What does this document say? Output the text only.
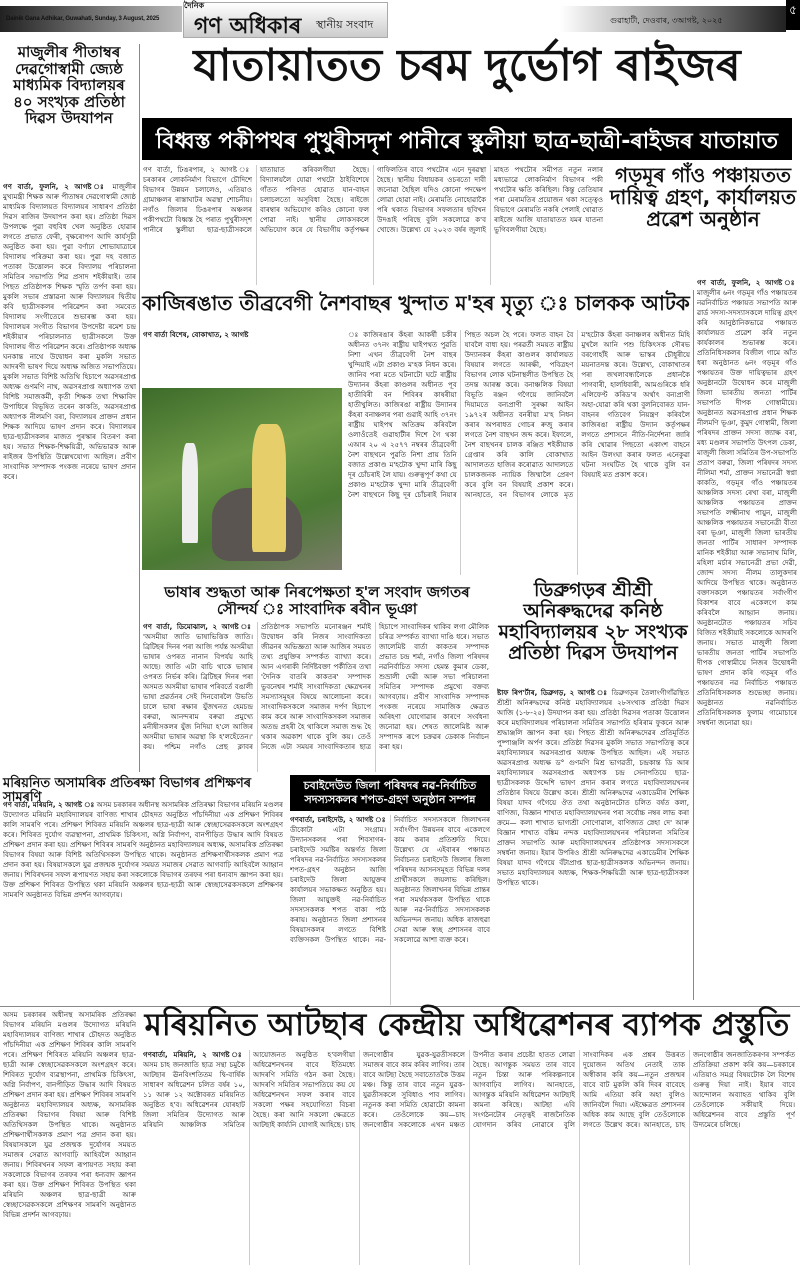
Dainik Gana Adhikar, Guwahati, Sunday, 3 August, 2025
দৈনিক
গণ অধিকাৰ স্থানীয় সংবাদ	গুৱাহাটী, দেওবাৰ, ৩আগষ্ট, ২০২৫
৫
মাজুলীৰ পীতাম্বৰ দেৱগোস্বামী জ্যেষ্ঠ মাধ্যমিক বিদ্যালয়ৰ ৪০ সংখ্যক প্ৰতিষ্ঠা দিৱস উদযাপন
গণ বাৰ্তা, ফুলনি, ২ আগষ্ট ঃ মাজুলীৰ মুখ্যমন্ত্ৰী শিক্ষক আৰু পীতাম্বৰ দেৱগোস্বামী জ্যেষ্ঠ মাধ্যমিক বিদ্যালয়ত বিদ্যালয়ৰ সাধাৰণ প্ৰতিষ্ঠা দিৱস ৰাজিৰ উদযাপন কৰা হয়। প্ৰতিষ্ঠা দিৱস উপলক্ষে পুৱা বহুবিধ খেল অনুষ্ঠিত হোৱাৰ লগতে প্ৰভাত ফেৰী, বৃক্ষৰোপণ আদি কাৰ্যসূচী অনুষ্ঠিত কৰা হয়। পুৱা বৰ্ণাঢ্য শোভাযাত্ৰাৰে বিদ্যালয় পৰিক্ৰমা কৰা হয়। পুৱা দহ বজাত পতাকা উত্তোলন কৰে বিদ্যালয় পৰিচালনা সমিতিৰ সভাপতি শিৱ প্ৰসাদ শইকীয়াই। তাৰ পিছত প্ৰতিষ্ঠাপক শিক্ষক স্মৃতি তৰ্পণ কৰা হয়। মুকলি সভাৰ প্ৰস্তাৱনা আৰু বিদ্যালয়ৰ দ্বিতীয় কবি ছাত্ৰীসকলৰ পৰিৱেশন কৰা সমবেত বিদ্যালয় সংগীতেৰে শুভাৰম্ভ কৰা হয়। বিদ্যালয়ৰ সংগীত বিভাগৰ উপদেষ্টা ৰমেশ চন্দ্ৰ শইকীয়াৰ পৰিচালনাত ছাত্ৰীসকলে উক্ত বিদ্যালয় গীত পৰিৱেশন কৰে। প্ৰতিষ্ঠাপক অধ্যক্ষ ঘনকান্ত নাথে উদ্বোধন কৰা মুকলি সভাত আদৰণী ভাষণ দিয়ে অধ্যক্ষ অজিত সভাপতিয়ে। মুকলি সভাত বিশিষ্ট অতিথি হিচাপে অৱসৰপ্ৰাপ্ত অধ্যক্ষ গুণমণি নাথ, অৱসৰপ্ৰাপ্ত অধ্যাপক তথা বিশিষ্ট সমাজকৰ্মী, কৃতী শিক্ষক তথা শিক্ষাবিদ উপাধিৰে বিভূষিত তৰেন কাকতি, অৱসৰপ্ৰাপ্ত অধ্যাপক নীলমণি বৰা, বিদ্যালয়ৰ প্ৰাক্তন প্ৰধান শিক্ষক আদিয়ে ভাষণ প্ৰদান কৰে। বিদ্যালয়ৰ ছাত্ৰ-ছাত্ৰীসকলৰ মাজত পুৰস্কাৰ বিতৰণ কৰা হয়। সভাত শিক্ষক-শিক্ষয়িত্ৰী, অভিভাৱক আৰু ৰাইজৰ উপস্থিতি উল্লেখযোগ্য আছিল। প্ৰবীণ সাংবাদিক সম্পাদক পংকজ নৰেয়ে ভাষণ প্ৰদান কৰে।
যাতায়াতত চৰম দুৰ্ভোগ ৰাইজৰ
বিধ্বস্ত পকীপথৰ পুখুৰীসদৃশ পানীৰে স্কুলীয়া ছাত্ৰ-ছাত্ৰী-ৰাইজৰ যাতায়াত
গণ বাৰ্তা, ঢিঙৰপাৰ, ২ আগষ্ট ঃ চৰকাৰৰ লোকনিৰ্মাণ বিভাগে চৌদিশে বিভাগৰ উন্নয়ন চলালেও, এতিয়াও গ্ৰামাঞ্চলৰ ৰাস্তাঘাটৰ অৱস্থা শোচনীয়। নগাঁও জিলাৰ ঢিঙৰপাৰ অঞ্চলৰ পকীপথটো বিধ্বস্ত হৈ পৰাত পুখুৰীসদৃশ পানীৰে স্কুলীয়া ছাত্ৰ-ছাত্ৰীসকলে যাতায়াত কৰিবলগীয়া হৈছে। বিদ্যালয়লৈ যোৱা পথটো ঠাইবিশেষে গাঁতত পৰিণত হোৱাত যান-বাহন চলাচলতো অসুবিধা হৈছে। ৰাইজে বাৰম্বাৰ অভিযোগ কৰিও কোনো ফল পোৱা নাই। স্থানীয় লোকসকলে অভিযোগ কৰে যে বিভাগীয় কৰ্তৃপক্ষৰ গাফিলতিৰ বাবে পথটোৰ এনে দুৰৱস্থা হৈছে। স্থানীয় বিধায়কৰ ওচৰতো দাবী জনোৱা হৈছিল যদিও কোনো পদক্ষেপ লোৱা হোৱা নাই। মেৰামতি নোহোৱাকৈ পৰি থকাত বিভাগৰ সফলতাৰ ছবিখন উদঙাই পৰিছে বুলি সকলোৱে ক'ব খোজে। উল্লেখ্য যে ২০২৩ বৰ্ষৰ জুলাই মাহত পথটোৰ সমীপত নতুন নলাৰ মধ্যভাৱে লোকনিৰ্মাণ বিভাগৰ পকী পথটোৰ ক্ষতি কৰিছিল। কিন্তু তেতিয়াৰ পৰা মেৰামতিৰ প্ৰয়োজন থকা সত্ত্বেও বিভাগে মেৰামতি নকৰি পেলাই থোৱাত ৰাইজে আজি যাতায়াতত যমৰ যাতনা ভুগিবলগীয়া হৈছে।
গড়মূৰ গাঁও পঞ্চায়তত দায়িত্ব গ্ৰহণ, কাৰ্যালয়ত প্ৰৱেশ অনুষ্ঠান
গণ বাৰ্তা, ফুলনি, ২ আগষ্ট ঃ মাজুলীৰ ৬নং গড়মূৰ গাঁও পঞ্চায়তৰ নৱনিৰ্বাচিত পঞ্চায়ত সভাপতি আৰু ৱাৰ্ড সদস্য-সদস্যাসকলে দায়িত্ব গ্ৰহণ কৰি আনুষ্ঠানিকভাৱে পঞ্চায়ত কাৰ্যালয়ত প্ৰৱেশ কৰি নতুন কাৰ্যকালৰ শুভাৰম্ভ কৰে। প্ৰতিনিধিসকলৰ বিজীল গামে আঁত ধৰা অনুষ্ঠানত ৬নং গড়মূৰ গাঁও পঞ্চায়তৰ উক্ত দায়িত্বভাৰ গ্ৰহণ অনুষ্ঠানটো উদ্বোধন কৰে মাজুলী জিলা ভাৰতীয় জনতা পাৰ্টিৰ সভাপতি দীপক গোস্বামীয়ে। অনুষ্ঠানত অৱসৰপ্ৰাপ্ত প্ৰধান শিক্ষক নীলমণি ভূঞা, কুমুদ গোস্বামী, জিলা পৰিষদৰ প্ৰাক্তন সদস্য জ্যাক্ষ বৰা, মধ্য মণ্ডলৰ সভাপতি উৎপল ডেকা, মাজুলী জিলা সমিতিৰ উপ-সভাপতি প্ৰতাপ বৰুৱা, জিলা পৰিষদৰ সদস্য নীলিমা শৰ্মা, প্ৰাক্তন সভানেত্ৰী স্বপ্না কাকতি, গড়মূৰ গাঁও পঞ্চায়তৰ আঞ্চলিক সদস্য ৰেখা বৰা, মাজুলী আঞ্চলিক পঞ্চায়তৰ প্ৰাক্তন সভাপতি লক্ষ্মীনাথ পায়ুন, মাজুলী আঞ্চলিক পঞ্চায়তৰ সভানেত্ৰী বীতা বৰা ভূঞা, মাজুলী জিলা ভাৰতীয় জনতা পাৰ্টিৰ সাধাৰণ সম্পাদক মানিক শইকীয়া আৰু সভানাথ মিলি, মহিলা মৰ্চাৰ সভানেত্ৰী প্ৰভা দেৱী, জোন্দ সদস্য নীলম তালুকদাৰ আদিয়ে উপস্থিত থাকে। অনুষ্ঠানত বক্তাসকলে পঞ্চায়তৰ সৰ্বাংগীণ বিকাশৰ বাবে একেলগে কাম কৰিবলৈ আহ্বান জনায়। অনুষ্ঠানটোত পঞ্চায়তৰ সচিব বিজিত শইকীয়াই সকলোকে আদৰণি জনায়। সভাত মাজুলী জিলা ভাৰতীয় জনতা পাৰ্টিৰ সভাপতি দীপক গোস্বামীয়ে নিজৰ উদ্বোধনী ভাষণ প্ৰদান কৰি গড়মূৰ গাঁও পঞ্চায়তৰ নৱ নিৰ্বাচিত পঞ্চায়ত প্ৰতিনিধিসকলক শুভেচ্ছা জনায়। অনুষ্ঠানত নৱনিৰ্বাচিত প্ৰতিনিধিসকলক ফুলাম গামোচাৰে সম্বৰ্ধনা জনোৱা হয়।
কাজিৰঙাত তীব্ৰবেগী নৈশবাছৰ খুন্দাত ম'হৰ মৃত্যু ঃ চালকক আটক
গণ বাৰ্তা বিশেষ, বোকাখাত, ২ আগষ্ট	ঃ কাজিৰঙাৰ কঁহৰা আকৰ্ষী চকীৰ অধীনত ৩৭নং ৰাষ্ট্ৰীয় ঘাইপথত পুৱতি নিশা এখন তীব্ৰবেগী নৈশ বাছৰ খুন্দিয়াই এটা প্ৰকাণ্ড ম'হক নিধন কৰে। জানিব পৰা মতে ঘটনাটো ঘটে ৰাষ্ট্ৰীয় উদ্যানৰ কঁহৰা কাণ্ডলৰ অধীনত পূব হাতীবিৰী বন শিবিৰৰ কাষৰীয়া হাতীখুলিত। কাজিৰঙা ৰাষ্ট্ৰীয় উদ্যানৰ কঁহৰা বনাঞ্চলৰ পৰা গুৱাই আহি ৩৭নং ৰাষ্ট্ৰীয় ঘাইপথ অতিক্ৰম কৰিবলৈ ওলাওঁতেই গুৱাহাটীৰ দিশে গৈ থকা এআৰ ২০ এ ২৫৭৭ নম্বৰৰ তীব্ৰবেগী নৈশ বাছখনে পুৱতি নিশা প্ৰায় তিনি বজাত প্ৰকাণ্ড ম'হটোক খুন্দা মাৰি কিছু দূৰ চোঁচৰাই লৈ যায়। গুৰুত্বপূৰ্ণ কথা যে প্ৰকাণ্ড ম'হটোক খুন্দা মাৰি তীব্ৰবেগী নৈশ বাছখনে কিছু দূৰ চোঁচৰাই নিয়াৰ পিছত অচল হৈ পৰে। ফলত বাহন বৈ যাবলৈ বাধ্য হয়। পৰৱৰ্তী সময়ত ৰাষ্ট্ৰীয় উদ্যানকৰ কঁহৰা কাণ্ডলৰ কাৰ্যালয়ত বিষয়াৰ লগতে আৰক্ষী, পবিত্ৰহণ বিভাগৰ লোক ঘটনাস্থলীত উপস্থিত হৈ তদন্ত আৰম্ভ কৰে। বনাঞ্চলিক বিষয়া বিভূতি ৰঞ্জন গগৈয়ে জানিবলৈ দিয়ামতে বন্যপ্ৰাণী সুৰক্ষা আইন ১৯৭২ৰ অধীনত বনৰীয়া ম'হ নিধন কৰাৰ অপৰাধত গোচৰ ৰুজু কৰাৰ লগতে নৈশ বাছখন জব্দ কৰে। ইফালে, নৈশ বাছখনৰ চালক ৰঞ্জিত শইকীয়াক গ্ৰেপ্তাৰ কৰি কালি বোকাখাত আদালতত হাজিৰ কৰোৱাত আদালতে চালকজনক ন্যায়িক জিম্মালৈ প্ৰেৰণ কৰে বুলি বন বিষয়াই প্ৰকাশ কৰে। আনহাতে, বন বিভাগৰ লোকে মৃত ম'হটোক কঁহৰা বনাঞ্চলৰ অধীনত মিহি মুখলৈ আনি পশু চিকিৎসক সৌৰভ বৰগোহাঁই আৰু ভাস্কৰ চৌধুৰীয়ে ময়নাতদন্ত কৰে। উল্লেখ্য, বোকাখাতৰ পৰা জখলাবন্ধালৈকে প্ৰধানকৈ পাগবাৰী, হালধিবাৰী, আমগুৰিকে ধৰি এলিফেণ্ট কৰিড'ৰ অৰ্থাৎ বন্যপ্ৰাণী অহা-যোৱা কৰি থকা বুলনিবোৰত যান-বাহনৰ গতিবেগ নিয়ন্ত্ৰণ কৰিবলৈ কাজিৰঙা ৰাষ্ট্ৰীয় উদ্যান কৰ্তৃপক্ষৰ লগতে প্ৰশাসনে নীতি-নিৰ্দেশনা জাৰি কৰি থোৱাৰ পিছতো একাংশ বাহনে আইন উলংঘা কৰাৰ ফলত এনেকুৱা ঘটনা সংঘটিত হৈ থাকে বুলি বন বিষয়াই মত প্ৰকাশ কৰে।
ভাষাৰ শুদ্ধতা আৰু নিৰপেক্ষতা হ'ল সংবাদ জগতৰ সৌন্দৰ্য ঃ সাংবাদিক ৰবীন ভূঞা
গণ বাৰ্তা, ডিমোঝাল, ২ আগষ্ট ঃ 'অসমীয়া জাতি ভাষাভিত্তিক জাতি। ব্ৰিটিছৰ দিনৰ পৰা আজি পৰ্যন্ত অসমীয়া ভাষাৰ ওপৰত নানান বিপৰ্যয় আহি আছে। জাতি এটা বাচি থাকে ভাষাৰ ওপৰত নিৰ্ভৰ কৰি। ব্ৰিটিছৰ দিনৰ পৰা অসমত অসমীয়া ভাষাৰ পৰিবৰ্তে বঙালী ভাষা প্ৰৱৰ্তনৰ সেই দিনবোৰলৈ উভতি চালে ভাষা ৰক্ষাৰ যুঁজখনত হেমচন্দ্ৰ বৰুৱা, আনন্দৰাম বৰুৱা প্ৰমুখ্যে মনীষীসকলৰ যুঁজ নিদিয়া হ'লে আজিৰ অসমীয়া ভাষাৰ অৱস্থা কি হ'লহেঁতেন।' কয়। পশ্চিম নগাঁও প্ৰেছ ক্লাবৰ প্ৰতিষ্ঠাপক সভাপতি মনোৰঞ্জন শৰ্মাই উদ্বোধন কৰি নিজৰ সাংবাদিকতা জীৱনৰ অভিজ্ঞতা আৰু আজিৰ সময়ত তথ্য প্ৰযুক্তিৰ সম্পৰ্কত ব্যাখ্যা কৰে। আন এগৰাকী নিৰ্দিষ্টবক্তা পৰ্কীতিৰ তথা 'দৈনিক বাতৰি কাকতৰ' সম্পাদক ভুবনেশ্বৰ শৰ্মাই সাংবাদিকতা ক্ষেত্ৰখনৰ সমস্যাসমূহৰ বিষয়ে আলোচনা কৰে। সাংবাদিকসকলে সমাজৰ দৰ্পণ হিচাপে কাম কৰে আৰু সাংবাদিকসকল সমাজৰ অতন্দ্ৰ প্ৰহৰী হৈ থাকিলে সমাজ শুদ্ধ হৈ থকাৰ অৱকাশ থাকে বুলি কয়। তেওঁ নিজে এটা সময়ৰ সাংবাদিকতাৰ ছাত্ৰ হিচাপে সাংবাদিকৰ থাকিব লগা মৌলিক চৰিত্ৰ সম্পৰ্কত ব্যাখ্যা দাঙি ধৰে। সভাত জালেমিষ্ট বাৰ্তা কাকতৰ সম্পাদক প্ৰভাত চন্দ্ৰ শৰ্মা, নগাঁও জিলা পৰিষদৰ নৱনিৰ্বাচিত সদস্য হেমন্ত কুমাৰ ডেকা, শুভ্ৰালী দেৱী আৰু সভা পৰিচালনা সমিতিৰ সম্পাদক প্ৰমুখ্যে বক্তব্য আগবঢ়ায়। প্ৰবীণ সাংবাদিক সম্পাদক পংকজ নৰেয়ে সামাজিক ক্ষেত্ৰত অৰিহণা যোগোৱাৰ কাৰণে সংৰ্বধনা জনোৱা হয়। শেষত জালেমিষ্ট আৰু সম্পাদক ৰূপে চক্ৰৱৰ ডেকাক নিৰ্বাচন কৰা হয়।
ডিব্ৰুগড়ৰ শ্ৰীশ্ৰী অনিৰুদ্ধদেৱ কনিষ্ঠ মহাবিদ্যালয়ৰ ২৮ সংখ্যক প্ৰতিষ্ঠা দিৱস উদযাপন
ষ্টাফ ৰিপ'ৰ্টাৰ, ডিব্ৰুগড়, ২ আগষ্ট ঃ ডিব্ৰুগড়ৰ তৈলাংগীগাঁৱস্থিত শ্ৰীশ্ৰী অনিৰুদ্ধদেৱ কনিষ্ঠ মহাবিদ্যালয়ৰ ২৮সংখ্যক প্ৰতিষ্ঠা দিৱস আজি (১-৮-২৫) উদযাপন কৰা হয়। প্ৰতিষ্ঠা দিৱসৰ পতাকা উত্তোলন কৰে মহাবিদ্যালয়ৰ পৰিচালনা সমিতিৰ সভাপতি হৰিৰাম ফুকনে আৰু শ্ৰদ্ধাঞ্জলি জ্ঞাপন কৰা হয়। পিছত শ্ৰীশ্ৰী অনিৰুদ্ধদেৱৰ প্ৰতিমূৰ্তিত পুষ্পাঞ্জলি অৰ্পণ কৰে। প্ৰতিষ্ঠা দিৱসৰ মুকলি সভাত সভাপতিত্ব কৰে মহাবিদ্যালয়ৰ অৱসৰপ্ৰাপ্ত অধ্যক্ষ উপস্থিত আছিল। এই সভাত অৱসৰপ্ৰাপ্ত অধ্যক্ষ ড° গুণমণি মিশ্ৰ ভাগৱতী, চন্দ্ৰকান্ত ডি আৰ মহাবিদ্যালয়ৰ অৱসৰপ্ৰাপ্ত অধ্যাপক চন্দ্ৰ সেনাপতিয়ে ছাত্ৰ-ছাত্ৰীসকলক উদ্দেশি ভাষণ প্ৰদান কৰাৰ লগতে মহাবিদ্যালয়খনৰ প্ৰতিষ্ঠাৰ বিষয়ে উল্লেখ কৰে। শ্ৰীশ্ৰী অনিৰুদ্ধদেৱ একাডেমীৰ শৈক্ষিক বিষয়া যাদব গগৈয়ে ঔত তথা অনুষ্ঠানটোত চলিত বৰ্ষত কলা, বাণিজ্য, বিজ্ঞান শাখাত মহাবিদ্যালয়খনৰ পৰা সৰ্বোচ্চ নম্বৰ লাভ কৰা ক্ৰমে— কলা শাখাত ভাগ্যশ্ৰী সোণোৱাল, বাণিজ্যত স্নেহা দে' আৰু বিজ্ঞান শাখাত বঙ্কিম নন্দক মহাবিদ্যালয়খনৰ পৰিচালনা সমিতিৰ প্ৰাক্তন সভাপতি আৰু মহাবিদ্যালয়খনৰ প্ৰতিষ্ঠাপক সদস্যসকলে সম্বৰ্ধনা জনায়। ইয়াৰ উপৰিও শ্ৰীশ্ৰী অনিৰুদ্ধদেৱ একাডেমীৰ শৈক্ষিক বিষয়া যাদব গগৈয়ে বঁটাপ্ৰাপ্ত ছাত্ৰ-ছাত্ৰীসকলক অভিনন্দন জনায়। সভাত মহাবিদ্যালয়ৰ অধ্যক্ষ, শিক্ষক-শিক্ষয়িত্ৰী আৰু ছাত্ৰ-ছাত্ৰীসকল উপস্থিত থাকে।
মৰিয়নিত অসামৰিক প্ৰতিৰক্ষা বিভাগৰ প্ৰশিক্ষণৰ সামৰণি
গণ বাৰ্তা, মৰিয়নি, ২ আগষ্ট ঃ অসম চৰকাৰৰ অধীনস্থ অসামৰিক প্ৰতিৰক্ষা বিভাগৰ মৰিয়নি মণ্ডলৰ উদ্যোগত মৰিয়নি মহাবিদ্যালয়ৰ বাণিজ্য শাখাৰ চৌহদত অনুষ্ঠিত পাঁচদিনীয়া এক প্ৰশিক্ষণ শিবিৰৰ কালি সামৰণি পৰে। প্ৰশিক্ষণ শিবিৰত মৰিয়নি অঞ্চলৰ ছাত্ৰ-ছাত্ৰী আৰু স্বেচ্ছাসেৱকসকলে অংশগ্ৰহণ কৰে। শিবিৰত দুৰ্যোগ ব্যৱস্থাপনা, প্ৰাথমিক চিকিৎসা, অগ্নি নিৰ্বাপণ, বানপীড়িত উদ্ধাৰ আদি বিষয়ত প্ৰশিক্ষণ প্ৰদান কৰা হয়। প্ৰশিক্ষণ শিবিৰৰ সামৰণি অনুষ্ঠানত মহাবিদ্যালয়ৰ অধ্যক্ষ, অসামৰিক প্ৰতিৰক্ষা বিভাগৰ বিষয়া আৰু বিশিষ্ট অতিথিসকল উপস্থিত থাকে। অনুষ্ঠানত প্ৰশিক্ষণাৰ্থীসকলক প্ৰমাণ পত্ৰ প্ৰদান কৰা হয়। বিষয়াসকলে যুৱ প্ৰজন্মক দুৰ্যোগৰ সময়ত সমাজৰ সেৱাত আগবাঢ়ি আহিবলৈ আহ্বান জনায়। শিবিৰখনৰ সফল ৰূপায়ণত সহায় কৰা সকলোকে বিভাগৰ তৰফৰ পৰা ধন্যবাদ জ্ঞাপন কৰা হয়। উক্ত প্ৰশিক্ষণ শিবিৰত উপস্থিত থকা মৰিয়নি অঞ্চলৰ ছাত্ৰ-ছাত্ৰী আৰু স্বেচ্ছাসেৱকসকলে প্ৰশিক্ষণৰ সামৰণি অনুষ্ঠানত বিভিন্ন প্ৰদৰ্শন আগবঢ়ায়।
চবাইদেউত জিলা পৰিষদৰ নৱ-নিৰ্বাচিত সদস্যসকলৰ শপত-গ্ৰহণ অনুষ্ঠান সম্পন্ন
গণবাৰ্তা, চৰাইদেউ, ২ আগষ্ট ঃ ডীকোটা এটা সংগ্ৰাম। উদ্যানসকলৰ পৰা শিবসাগৰ-চৰাইদেউ সমষ্টিৰ অন্তৰ্গত জিলা পৰিষদৰ নৱ-নিৰ্বাচিত সদস্যসকলৰ শপত-গ্ৰহণ অনুষ্ঠান আজি চৰাইদেউ জিলা আয়ুক্তৰ কাৰ্যালয়ৰ সভাকক্ষত অনুষ্ঠিত হয়। জিলা আয়ুক্তই নৱ-নিৰ্বাচিত সদস্যসকলক শপত বাক্য পাঠ কৰায়। অনুষ্ঠানত জিলা প্ৰশাসনৰ বিষয়াসকলৰ লগতে বিশিষ্ট ব্যক্তিসকল উপস্থিত থাকে। নৱ-নিৰ্বাচিত সদস্যসকলে জিলাখনৰ সৰ্বাংগীণ উন্নয়নৰ বাবে একেলগে কাম কৰাৰ প্ৰতিশ্ৰুতি দিয়ে। উল্লেখ্য যে এইবাৰৰ পঞ্চায়ত নিৰ্বাচনত চৰাইদেউ জিলাৰ জিলা পৰিষদৰ আসনসমূহত বিভিন্ন দলৰ প্ৰাৰ্থীসকলে জয়লাভ কৰিছিল। অনুষ্ঠানত জিলাখনৰ বিভিন্ন প্ৰান্তৰ পৰা সমৰ্থকসকল উপস্থিত থাকে আৰু নৱ-নিৰ্বাচিত সদস্যসকলক অভিনন্দন জনায়। অধিক ৰাজহুৱা সেৱা আৰু স্বচ্ছ প্ৰশাসনৰ বাবে সকলোৱে আশা ব্যক্ত কৰে।
মৰিয়নিত আটছাৰ কেন্দ্ৰীয় অধিৱেশনৰ ব্যাপক প্ৰস্তুতি
অসম চৰকাৰৰ অধীনস্থ অসামৰিক প্ৰতিৰক্ষা বিভাগৰ মৰিয়নি মণ্ডলৰ উদ্যোগত মৰিয়নি মহাবিদ্যালয়ৰ বাণিজ্য শাখাৰ চৌহদত অনুষ্ঠিত পাঁচদিনীয়া এক প্ৰশিক্ষণ শিবিৰৰ কালি সামৰণি পৰে। প্ৰশিক্ষণ শিবিৰত মৰিয়নি অঞ্চলৰ ছাত্ৰ-ছাত্ৰী আৰু স্বেচ্ছাসেৱকসকলে অংশগ্ৰহণ কৰে। শিবিৰত দুৰ্যোগ ব্যৱস্থাপনা, প্ৰাথমিক চিকিৎসা, অগ্নি নিৰ্বাপণ, বানপীড়িত উদ্ধাৰ আদি বিষয়ত প্ৰশিক্ষণ প্ৰদান কৰা হয়। প্ৰশিক্ষণ শিবিৰৰ সামৰণি অনুষ্ঠানত মহাবিদ্যালয়ৰ অধ্যক্ষ, অসামৰিক প্ৰতিৰক্ষা বিভাগৰ বিষয়া আৰু বিশিষ্ট অতিথিসকল উপস্থিত থাকে। অনুষ্ঠানত প্ৰশিক্ষণাৰ্থীসকলক প্ৰমাণ পত্ৰ প্ৰদান কৰা হয়। বিষয়াসকলে যুৱ প্ৰজন্মক দুৰ্যোগৰ সময়ত সমাজৰ সেৱাত আগবাঢ়ি আহিবলৈ আহ্বান জনায়। শিবিৰখনৰ সফল ৰূপায়ণত সহায় কৰা সকলোকে বিভাগৰ তৰফৰ পৰা ধন্যবাদ জ্ঞাপন কৰা হয়। উক্ত প্ৰশিক্ষণ শিবিৰত উপস্থিত থকা মৰিয়নি অঞ্চলৰ ছাত্ৰ-ছাত্ৰী আৰু স্বেচ্ছাসেৱকসকলে প্ৰশিক্ষণৰ সামৰণি অনুষ্ঠানত বিভিন্ন প্ৰদৰ্শন আগবঢ়ায়।
গণবাৰ্তা, মৰিয়নি, ২ আগষ্ট ঃ অসম চাহ জনজাতি ছাত্ৰ সন্থা চমুকৈ আটছাৰ ঊনবিংশতিতম দ্বি-বাৰ্ষিক সাধাৰণ অধিৱেশন চলিত বৰ্ষৰ ১০, ১১ আৰু ১২ অক্টোবৰত মৰিয়নিত অনুষ্ঠিত হ'ব। অধিৱেশনৰ যোৰহাট জিলা সমিতিৰ উদ্যোগত আৰু মৰিয়নি আঞ্চলিক সমিতিৰ আয়োজনত অনুষ্ঠিত হ'বলগীয়া অধিৱেশনখনৰ বাবে ইতিমধ্যে আদৰণি সমিতি গঠন কৰা হৈছে। আদৰণি সমিতিৰ সভাপতিয়ে কয় যে অধিৱেশনখন সফল কৰাৰ বাবে সকলো পক্ষৰ সহযোগিতা বিচৰা হৈছে। কৰা আনি সকলো ক্ষেত্ৰতে আটছাই কাৰ্য্যনি যোগাই আহিছে। চাহ জনগোষ্ঠীৰ যুৱক-যুৱতীসকলে সমাজৰ বাবে কাম কৰিব লাগিব। তাৰ বাবে আটছা হৈছে সবাতোতকৈ উত্তম মঞ্চ। কিন্তু তাৰ বাবে নতুন যুৱক-যুৱতীসকলে সুবিধাও পাব লাগিব। নতুনক কৰা সমিতি হোৱাটো কামনা কৰে। তেওঁলোকে কয়—চাহ জনগোষ্ঠীৰ সকলোকে এখন মঞ্চত উপনীত কৰাৰ প্ৰচেষ্টা হাতত লোৱা হৈছে। আগন্তুক সময়ত তাৰ বাবে নতুন চিন্তা আৰু পৰিকল্পনাৰে আগবাঢ়িব লাগিব। আনহাতে, আগন্তুক মৰিয়নি অধিৱেশন আটছাই কামনা কৰিছে। আটছা এবি সংগঠনটোৰ নেতৃত্বই ৰাজনৈতিক যোগদান কৰিব নোৱাৰে বুলি সাংবাদিকৰ এক প্ৰশ্নৰ উত্তৰত দুয়োজন অতিথ নেতাই তাক অস্বীকাৰ কৰি কয়—নতুন প্ৰজন্মৰ বাবে বাট মুকলি কৰি দিবৰ বাবেহে আমি এতিয়া কৰি অহা বুলিও জানিবলৈ দিয়া। এইক্ষেত্ৰত প্ৰশাসনৰ অধিক কাম আছে বুলি তেওঁলোকে লগতে উল্লেখ কৰে। আনহাতে, চাহ জনগোষ্ঠীৰ জনজাতিকৰণৰ সম্পৰ্কত প্ৰতিক্ৰিয়া প্ৰকাশ কৰি কয়—চৰকাৰে এতিয়াও সমগ্ৰ বিষয়টোক লৈ বিশেষ গুৰুত্ব দিয়া নাই। ইয়াৰ বাবে আন্দোলন অব্যাহত থাকিব বুলি তেওঁলোকে সকীয়াই দিয়ে। অধিৱেশনৰ বাবে প্ৰস্তুতি পূৰ্ণ উদ্যমেৰে চলিছে।
